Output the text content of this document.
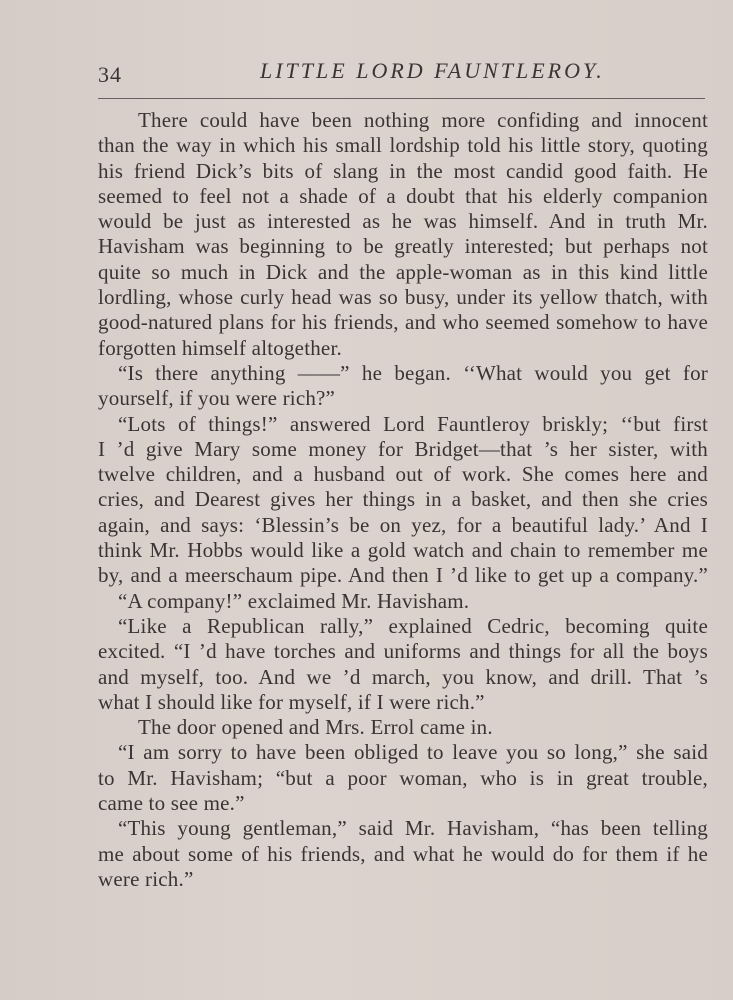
34	LITTLE LORD FAUNTLEROY.
There could have been nothing more confiding and innocent
than the way in which his small lordship told his little story, quoting
his friend Dick’s bits of slang in the most candid good faith. He
seemed to feel not a shade of a doubt that his elderly companion
would be just as interested as he was himself. And in truth Mr.
Havisham was beginning to be greatly interested; but perhaps not
quite so much in Dick and the apple-woman as in this kind little
lordling, whose curly head was so busy, under its yellow thatch, with
good-natured plans for his friends, and who seemed somehow to have
forgotten himself altogether.
“Is there anything ——” he began. ‘‘What would you get for
yourself, if you were rich?”
“Lots of things!” answered Lord Fauntleroy briskly; ‘‘but first
I ’d give Mary some money for Bridget—that ’s her sister, with
twelve children, and a husband out of work. She comes here and
cries, and Dearest gives her things in a basket, and then she cries
again, and says: ‘Blessin’s be on yez, for a beautiful lady.’ And I
think Mr. Hobbs would like a gold watch and chain to remember me
by, and a meerschaum pipe. And then I ’d like to get up a company.”
“A company!” exclaimed Mr. Havisham.
“Like a Republican rally,” explained Cedric, becoming quite
excited. “I ’d have torches and uniforms and things for all the boys
and myself, too. And we ’d march, you know, and drill. That ’s
what I should like for myself, if I were rich.”
The door opened and Mrs. Errol came in.
“I am sorry to have been obliged to leave you so long,” she said
to Mr. Havisham; “but a poor woman, who is in great trouble,
came to see me.”
“This young gentleman,” said Mr. Havisham, “has been telling
me about some of his friends, and what he would do for them if he
were rich.”
